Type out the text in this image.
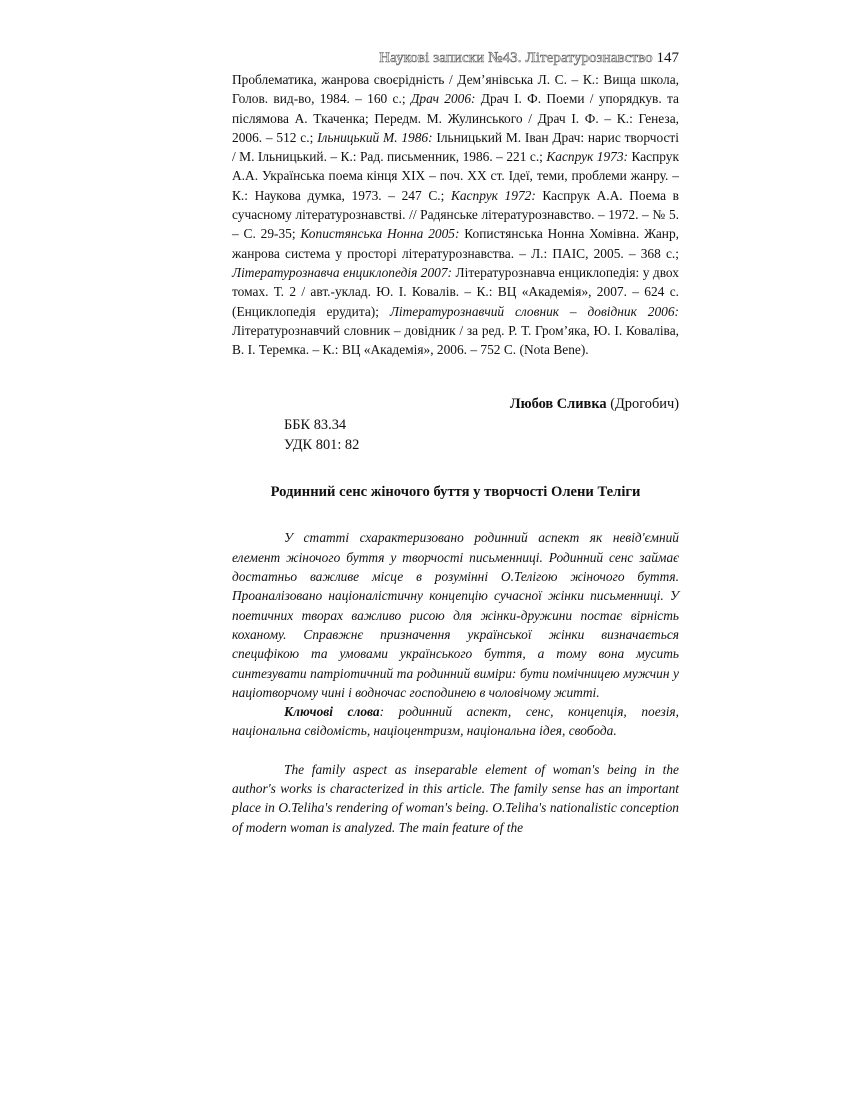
Наукові записки №43. Літературознавство 147
Проблематика, жанрова своєрідність / Дем’янівська Л. С. – К.: Вища школа, Голов. вид-во, 1984. – 160 с.; Драч 2006: Драч І. Ф. Поеми / упорядкув. та післямова А. Ткаченка; Передм. М. Жулинського / Драч І. Ф. – К.: Генеза, 2006. – 512 с.; Ільницький М. 1986: Ільницький М. Іван Драч: нарис творчості / М. Ільницький. – К.: Рад. письменник, 1986. – 221 с.; Каспрук 1973: Каспрук А.А. Українська поема кінця XIX – поч. XX ст. Ідеї, теми, проблеми жанру. – К.: Наукова думка, 1973. – 247 С.; Каспрук 1972: Каспрук А.А. Поема в сучасному літературознавстві. // Радянське літературознавство. – 1972. – № 5. – С. 29-35; Копистянська Нонна 2005: Копистянська Нонна Хомівна. Жанр, жанрова система у просторі літературознавства. – Л.: ПАІС, 2005. – 368 с.; Літературознавча енциклопедія 2007: Літературознавча енциклопедія: у двох томах. Т. 2 / авт.-уклад. Ю. І. Ковалів. – К.: ВЦ «Академія», 2007. – 624 с. (Енциклопедія ерудита); Літературознавчий словник – довідник 2006: Літературознавчий словник – довідник / за ред. Р. Т. Гром’яка, Ю. І. Коваліва, В. І. Теремка. – К.: ВЦ «Академія», 2006. – 752 С. (Nota Bene).
Любов Сливка (Дрогобич)
ББК 83.34
УДК 801: 82
Родинний сенс жіночого буття у творчості Олени Теліги

У статті схарактеризовано родинний аспект як невід'ємний елемент жіночого буття у творчості письменниці. Родинний сенс займає достатньо важливе місце в розумінні О.Телігою жіночого буття. Проаналізовано націоналістичну концепцію сучасної жінки письменниці. У поетичних творах важливо рисою для жінки-дружини постає вірність коханому. Справжнє призначення української жінки визначається специфікою та умовами українського буття, а тому вона мусить синтезувати патріотичний та родинний виміри: бути помічницею мужчин у націотворчому чині і водночас господинею в чоловічому житті.

Ключові слова: родинний аспект, сенс, концепція, поезія, національна свідомість, націоцентризм, національна ідея, свобода.

The family aspect as inseparable element of woman's being in the author's works is characterized in this article. The family sense has an important place in O.Teliha's rendering of woman's being. O.Teliha's nationalistic conception of modern woman is analyzed. The main feature of the
